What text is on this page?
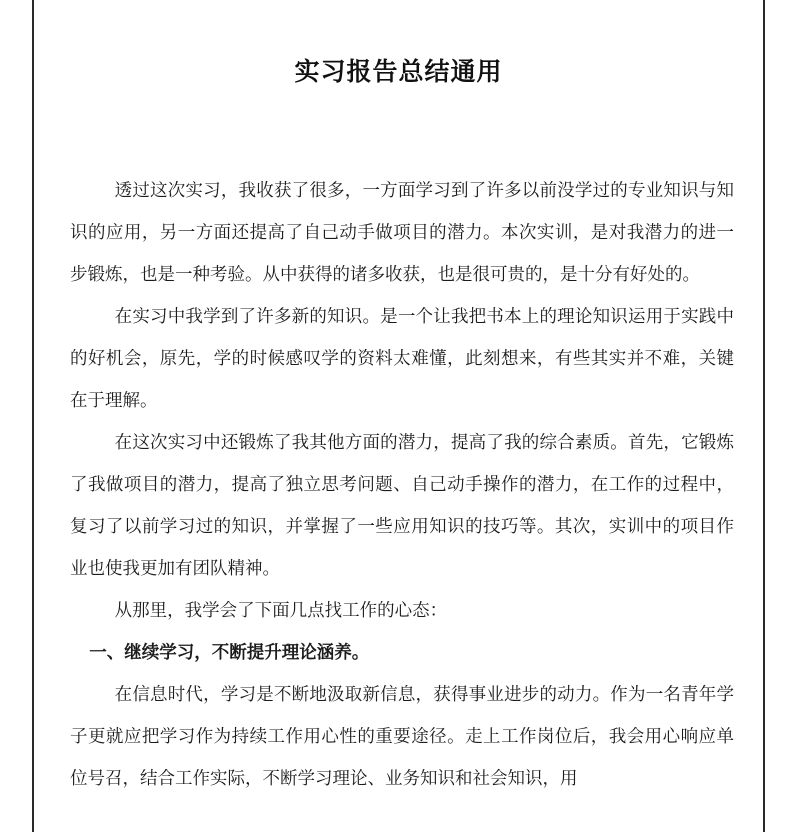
实习报告总结通用

透过这次实习，我收获了很多，一方面学习到了许多以前没学过的专业知识与知识的应用，另一方面还提高了自己动手做项目的潜力。本次实训，是对我潜力的进一步锻炼，也是一种考验。从中获得的诸多收获，也是很可贵的，是十分有好处的。

在实习中我学到了许多新的知识。是一个让我把书本上的理论知识运用于实践中的好机会，原先，学的时候感叹学的资料太难懂，此刻想来，有些其实并不难，关键在于理解。

在这次实习中还锻炼了我其他方面的潜力，提高了我的综合素质。首先，它锻炼了我做项目的潜力，提高了独立思考问题、自己动手操作的潜力，在工作的过程中，复习了以前学习过的知识，并掌握了一些应用知识的技巧等。其次，实训中的项目作业也使我更加有团队精神。

从那里，我学会了下面几点找工作的心态：

一、继续学习，不断提升理论涵养。

在信息时代，学习是不断地汲取新信息，获得事业进步的动力。作为一名青年学子更就应把学习作为持续工作用心性的重要途径。走上工作岗位后，我会用心响应单位号召，结合工作实际，不断学习理论、业务知识和社会知识，用
